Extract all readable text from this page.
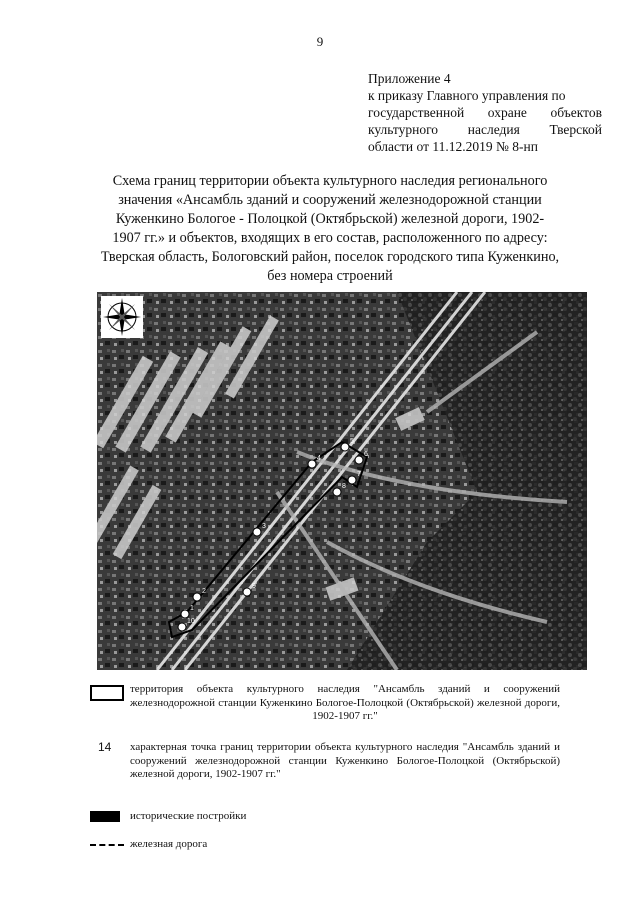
9
Приложение 4
к приказу Главного управления по
государственной охране объектов
культурного наследия Тверской
области от 11.12.2019 № 8-нп
Схема границ территории объекта культурного наследия регионального
значения «Ансамбль зданий и сооружений железнодорожной станции
Куженкино Бологое - Полоцкой (Октябрьской) железной дороги, 1902-
1907 гг.» и объектов, входящих в его состав, расположенного по адресу:
Тверская область, Бологовский район, поселок городского типа Куженкино,
без номера строений
1
2
3
4
5
6
7
8
9
10
территория объекта культурного наследия "Ансамбль зданий и сооружений железнодорожной станции Куженкино Бологое-Полоцкой (Октябрьской) железной дороги, 1902-1907 гг."
14 характерная точка границ территории объекта культурного наследия "Ансамбль зданий и сооружений железнодорожной станции Куженкино Бологое-Полоцкой (Октябрьской) железной дороги, 1902-1907 гг."
исторические постройки
железная дорога
